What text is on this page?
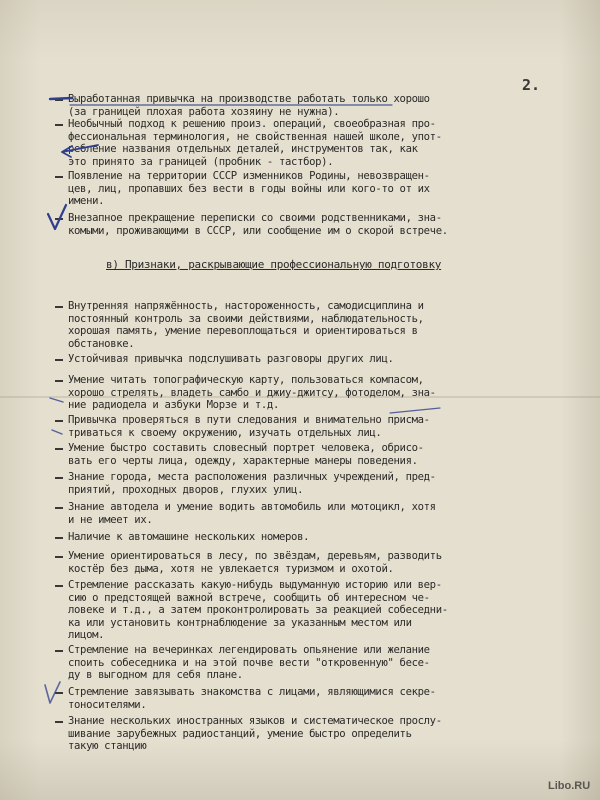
2.
Выработанная привычка на производстве работать только хорошо
(за границей плохая работа хозяину не нужна).
Необычный подход к решению произ. операций, своеобразная про-
фессиональная терминология, не свойственная нашей школе, упот-
ребление названия отдельных деталей, инструментов так, как
это принято за границей (пробник - тастбор).
Появление на территории СССР изменников Родины, невозвращен-
цев, лиц, пропавших без вести в годы войны или кого-то от их
имени.
Внезапное прекращение переписки со своими родственниками, зна-
комыми, проживающими в СССР, или сообщение им о скорой встрече.
в) Признаки, раскрывающие профессиональную подготовку
Внутренняя напряжённость, настороженность, самодисциплина и
постоянный контроль за своими действиями, наблюдательность,
хорошая память, умение перевоплощаться и ориентироваться в
обстановке.
Устойчивая привычка подслушивать разговоры других лиц.
Умение читать топографическую карту, пользоваться компасом,
хорошо стрелять, владеть самбо и джиу-джитсу, фотоделом, зна-
ние радиодела и азбуки Морзе и т.д.
Привычка проверяться в пути следования и внимательно присма-
триваться к своему окружению, изучать отдельных лиц.
Умение быстро составить словесный портрет человека, обрисо-
вать его черты лица, одежду, характерные манеры поведения.
Знание города, места расположения различных учреждений, пред-
приятий, проходных дворов, глухих улиц.
Знание автодела и умение водить автомобиль или мотоцикл, хотя
и не имеет их.
Наличие к автомашине нескольких номеров.
Умение ориентироваться в лесу, по звёздам, деревьям, разводить
костёр без дыма, хотя не увлекается туризмом и охотой.
Стремление рассказать какую-нибудь выдуманную историю или вер-
сию о предстоящей важной встрече, сообщить об интересном че-
ловеке и т.д., а затем проконтролировать за реакцией собеседни-
ка или установить контрнаблюдение за указанным местом или
лицом.
Стремление на вечеринках легендировать опьянение или желание
споить собеседника и на этой почве вести "откровенную" бесе-
ду в выгодном для себя плане.
Стремление завязывать знакомства с лицами, являющимися секре-
тоносителями.
Знание нескольких иностранных языков и систематическое прослу-
шивание зарубежных радиостанций, умение быстро определить
такую станцию
Libo.RU
